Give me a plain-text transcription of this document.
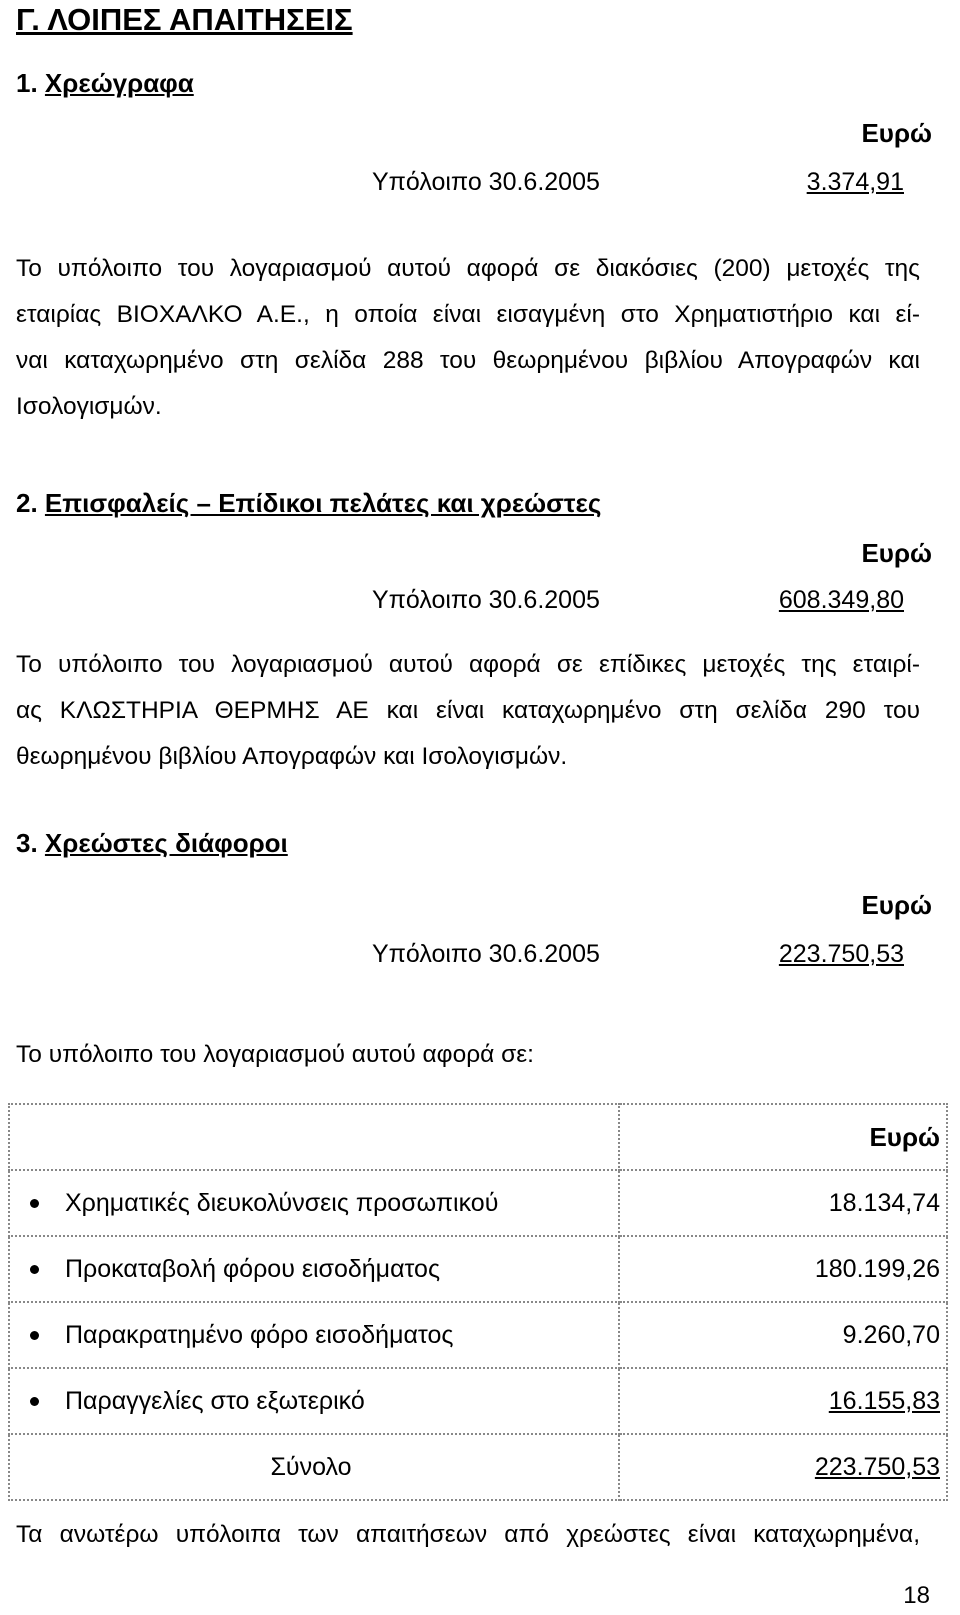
Γ. ΛΟΙΠΕΣ ΑΠΑΙΤΗΣΕΙΣ
1. Χρεώγραφα
Ευρώ
Υπόλοιπο 30.6.2005	3.374,91
Το υπόλοιπο του λογαριασμού αυτού αφορά σε διακόσιες (200) μετοχές της
εταιρίας ΒΙΟΧΑΛΚΟ Α.Ε., η οποία είναι εισαγμένη στο Χρηματιστήριο και εί-
ναι καταχωρημένο στη σελίδα 288 του θεωρημένου βιβλίου Απογραφών και
Ισολογισμών.
2. Επισφαλείς – Επίδικοι πελάτες και χρεώστες
Ευρώ
Υπόλοιπο 30.6.2005	608.349,80
Το υπόλοιπο του λογαριασμού αυτού αφορά σε επίδικες μετοχές της εταιρί-
ας ΚΛΩΣΤΗΡΙΑ ΘΕΡΜΗΣ ΑΕ και είναι καταχωρημένο στη σελίδα 290 του
θεωρημένου βιβλίου Απογραφών και Ισολογισμών.
3. Χρεώστες διάφοροι
Ευρώ
Υπόλοιπο 30.6.2005	223.750,53
Το υπόλοιπο του λογαριασμού αυτού αφορά σε:
	Ευρώ

Χρηματικές διευκολύνσεις προσωπικού	18.134,74

Προκαταβολή φόρου εισοδήματος	180.199,26

Παρακρατημένο φόρο εισοδήματος	9.260,70

Παραγγελίες στο εξωτερικό	16.155,83
Σύνολο	223.750,53
Τα ανωτέρω υπόλοιπα των απαιτήσεων από χρεώστες είναι καταχωρημένα,
18
